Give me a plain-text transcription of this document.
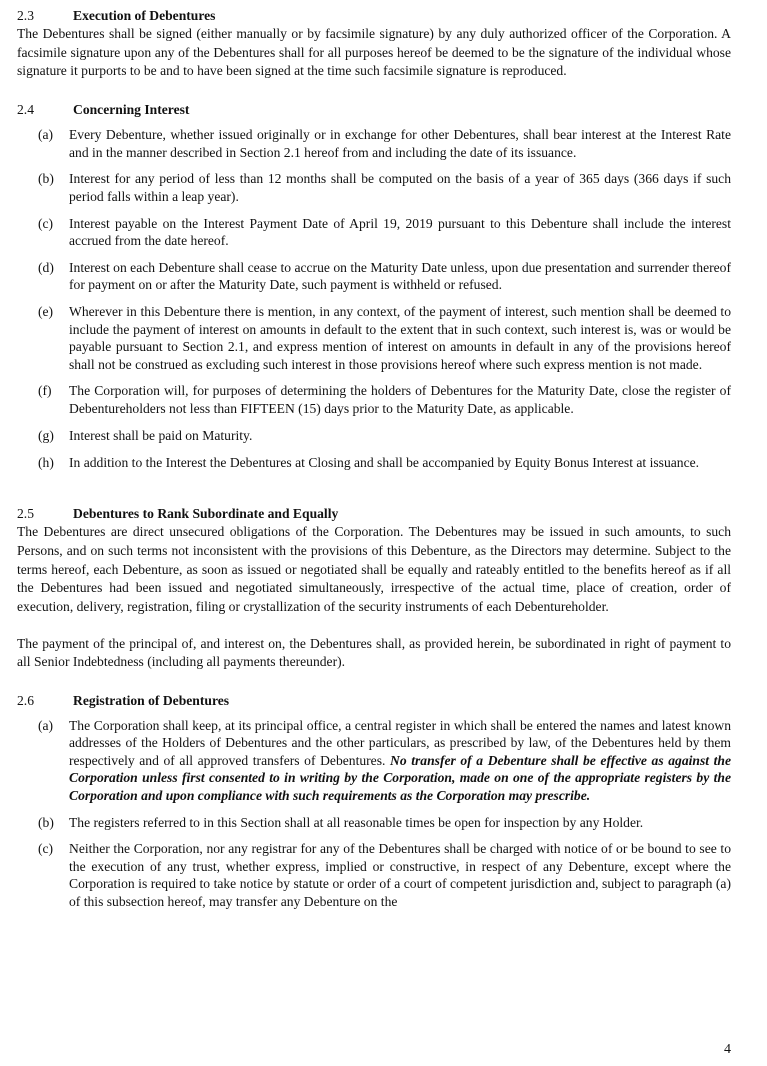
2.3	Execution of Debentures

The Debentures shall be signed (either manually or by facsimile signature) by any duly authorized officer of the Corporation. A facsimile signature upon any of the Debentures shall for all purposes hereof be deemed to be the signature of the individual whose signature it purports to be and to have been signed at the time such facsimile signature is reproduced.

2.4	Concerning Interest
(a)	Every Debenture, whether issued originally or in exchange for other Debentures, shall bear interest at the Interest Rate and in the manner described in Section 2.1 hereof from and including the date of its issuance.
(b)	Interest for any period of less than 12 months shall be computed on the basis of a year of 365 days (366 days if such period falls within a leap year).
(c)	Interest payable on the Interest Payment Date of April 19, 2019 pursuant to this Debenture shall include the interest accrued from the date hereof.
(d)	Interest on each Debenture shall cease to accrue on the Maturity Date unless, upon due presentation and surrender thereof for payment on or after the Maturity Date, such payment is withheld or refused.
(e)	Wherever in this Debenture there is mention, in any context, of the payment of interest, such mention shall be deemed to include the payment of interest on amounts in default to the extent that in such context, such interest is, was or would be payable pursuant to Section 2.1, and express mention of interest on amounts in default in any of the provisions hereof shall not be construed as excluding such interest in those provisions hereof where such express mention is not made.
(f)	The Corporation will, for purposes of determining the holders of Debentures for the Maturity Date, close the register of Debentureholders not less than FIFTEEN (15) days prior to the Maturity Date, as applicable.
(g)	Interest shall be paid on Maturity.
(h)	In addition to the Interest the Debentures at Closing and shall be accompanied by Equity Bonus Interest at issuance.
2.5	Debentures to Rank Subordinate and Equally

The Debentures are direct unsecured obligations of the Corporation. The Debentures may be issued in such amounts, to such Persons, and on such terms not inconsistent with the provisions of this Debenture, as the Directors may determine. Subject to the terms hereof, each Debenture, as soon as issued or negotiated shall be equally and rateably entitled to the benefits hereof as if all the Debentures had been issued and negotiated simultaneously, irrespective of the actual time, place of creation, order of execution, delivery, registration, filing or crystallization of the security instruments of each Debentureholder.

The payment of the principal of, and interest on, the Debentures shall, as provided herein, be subordinated in right of payment to all Senior Indebtedness (including all payments thereunder).

2.6	Registration of Debentures
(a)	The Corporation shall keep, at its principal office, a central register in which shall be entered the names and latest known addresses of the Holders of Debentures and the other particulars, as prescribed by law, of the Debentures held by them respectively and of all approved transfers of Debentures. No transfer of a Debenture shall be effective as against the Corporation unless first consented to in writing by the Corporation, made on one of the appropriate registers by the Corporation and upon compliance with such requirements as the Corporation may prescribe.
(b)	The registers referred to in this Section shall at all reasonable times be open for inspection by any Holder.
(c)	Neither the Corporation, nor any registrar for any of the Debentures shall be charged with notice of or be bound to see to the execution of any trust, whether express, implied or constructive, in respect of any Debenture, except where the Corporation is required to take notice by statute or order of a court of competent jurisdiction and, subject to paragraph (a) of this subsection hereof, may transfer any Debenture on the
4
